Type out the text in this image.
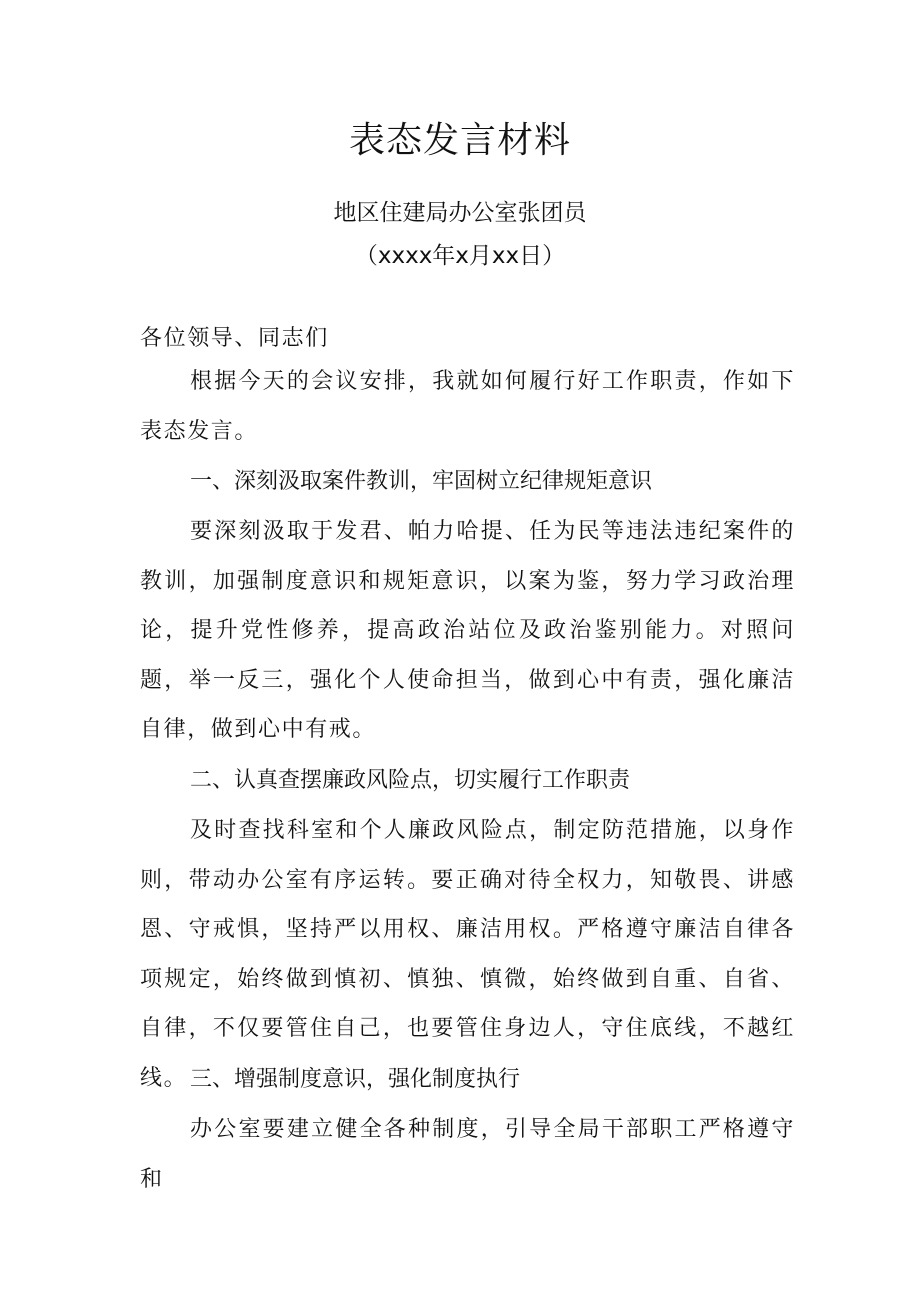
表态发言材料
地区住建局办公室张团员
（xxxx年x月xx日）

各位领导、同志们

根据今天的会议安排，我就如何履行好工作职责，作如下表态发言。

一、深刻汲取案件教训，牢固树立纪律规矩意识

要深刻汲取于发君、帕力哈提、任为民等违法违纪案件的教训，加强制度意识和规矩意识，以案为鉴，努力学习政治理论，提升党性修养，提高政治站位及政治鉴别能力。对照问题，举一反三，强化个人使命担当，做到心中有责，强化廉洁自律，做到心中有戒。

二、认真查摆廉政风险点，切实履行工作职责

及时查找科室和个人廉政风险点，制定防范措施，以身作则，带动办公室有序运转。要正确对待全权力，知敬畏、讲感恩、守戒惧，坚持严以用权、廉洁用权。严格遵守廉洁自律各项规定，始终做到慎初、慎独、慎微，始终做到自重、自省、自律，不仅要管住自己，也要管住身边人，守住底线，不越红线。 三、增强制度意识，强化制度执行

办公室要建立健全各种制度，引导全局干部职工严格遵守和
